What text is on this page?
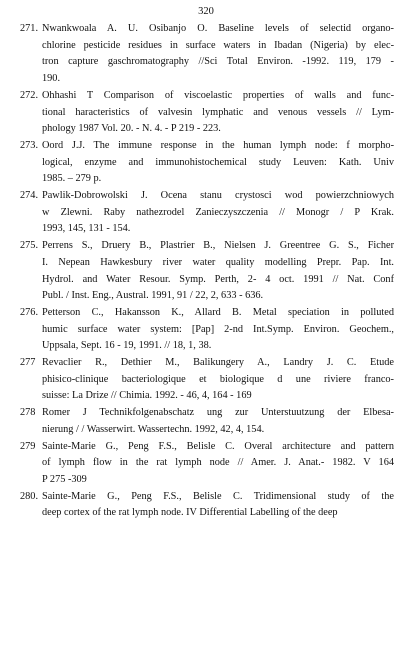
320
271. Nwankwoala A. U. Osibanjo O. Baseline levels of selectid organo-
chlorine pesticide residues in surface waters in Ibadan (Nigeria) by elec-
tron capture gaschromatography //Sci Total Environ. -1992. 119, 179 -
190.
272. Ohhashi T Comparison of viscoelastic properties of walls and func-
tional haracteristics of valvesin lymphatic and venous vessels // Lym-
phology 1987 Vol. 20. - N. 4. - P 219 - 223.
273. Oord J.J. The immune response in the human lymph node: f morpho-
logical, enzyme and immunohistochemical study Leuven: Kath. Univ
1985. – 279 p.
274. Pawlik-Dobrowolski J. Ocena stanu crystosci wod powierzchniowych
w Zlewni. Raby nathezrodel Zanieczyszczenia // Monogr / P Krak.
1993, 145, 131 - 154.
275. Perrens S., Druery B., Plastrier B., Nielsen J. Greentree G. S., Ficher
I. Nepean Hawkesbury river water quality modelling Prepr. Pap. Int.
Hydrol. and Water Resour. Symp. Perth, 2- 4 oct. 1991 // Nat. Conf
Publ. / Inst. Eng., Austral. 1991, 91 / 22, 2, 633 - 636.
276. Petterson C., Hakansson K., Allard B. Metal speciation in polluted
humic surface water system: [Pap] 2-nd Int.Symp. Environ. Geochem.,
Uppsala, Sept. 16 - 19, 1991. // 18, 1, 38.
277 Revaclier R., Dethier M., Balikungery A., Landry J. C. Etude
phisico-clinique bacteriologique et biologique d une riviere franco-
suisse: La Drize // Chimia. 1992. - 46, 4, 164 - 169
278 Romer J Technikfolgenabschatz ung zur Unterstuutzung der Elbesa-
nierung / / Wasserwirt. Wassertechn. 1992, 42, 4, 154.
279 Sainte-Marie G., Peng F.S., Belisle C. Overal architecture and pattern
of lymph flow in the rat lymph node // Amer. J. Anat.- 1982. V 164
P 275 -309
280. Sainte-Marie G., Peng F.S., Belisle C. Tridimensional study of the
deep cortex of the rat lymph node. IV Differential Labelling of the deep
